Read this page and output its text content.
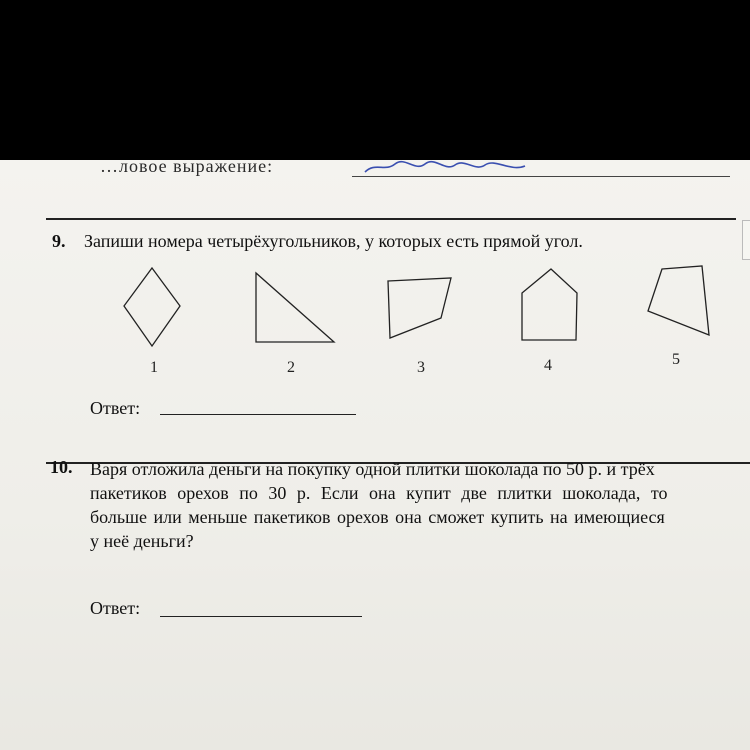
…ловое выражение:
9. Запиши номера четырёхугольников, у которых есть прямой угол.
1	2	3	4	5
Ответ:
10. Варя отложила деньги на покупку одной плитки шоколада по 50 р. и трёх
пакетиков орехов по 30 р. Если она купит две плитки шоколада, то
больше или меньше пакетиков орехов она сможет купить на имеющиеся
у неё деньги?
Ответ:
